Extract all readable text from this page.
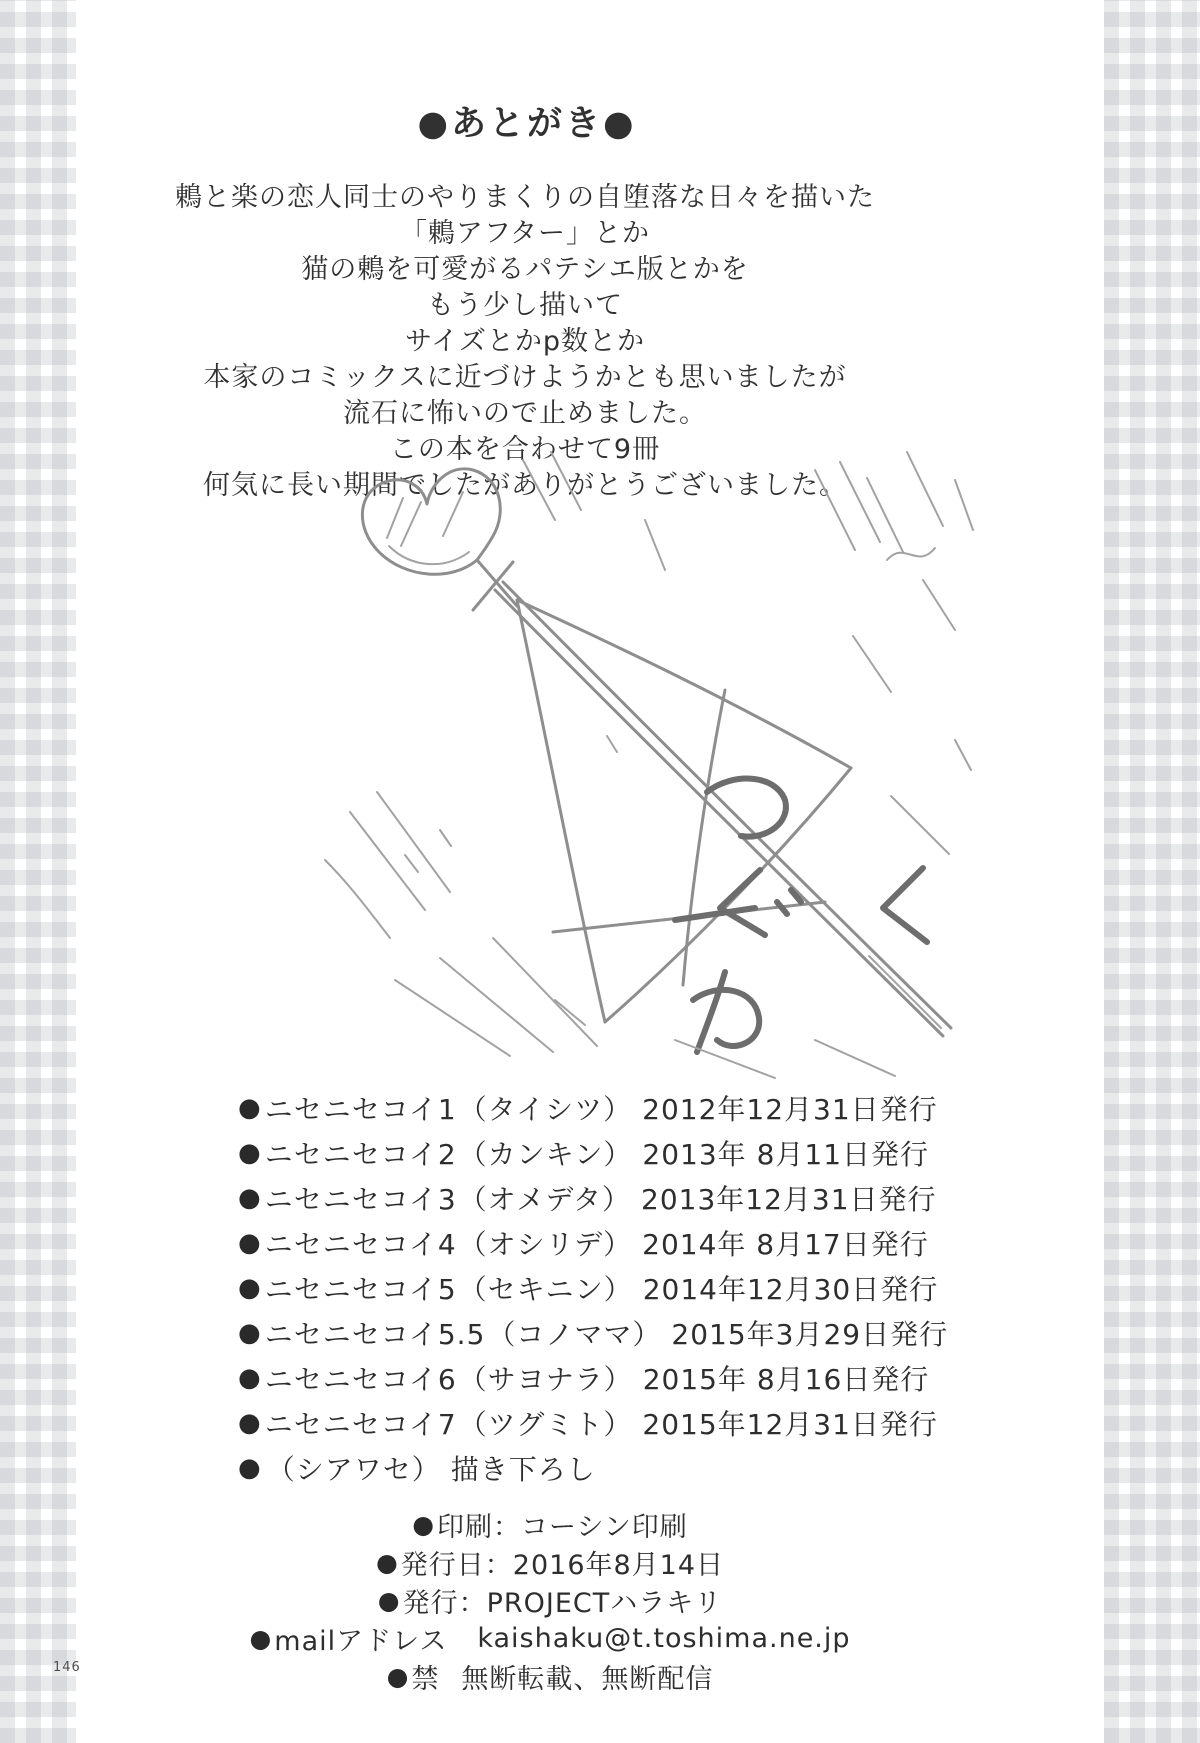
●あとがき●
鶇と楽の恋人同士のやりまくりの自堕落な日々を描いた
「鶇アフター」とか
猫の鶇を可愛がるパテシエ版とかを
もう少し描いて
サイズとかp数とか
本家のコミックスに近づけようかとも思いましたが
流石に怖いので止めました。
この本を合わせて9冊
何気に長い期間でしたがありがとうございました。
● ニセニセコイ1 （タイシツ） 2012年12月31日発行
● ニセニセコイ2 （カンキン） 2013年 8月11日発行
● ニセニセコイ3 （オメデタ） 2013年12月31日発行
● ニセニセコイ4 （オシリデ） 2014年 8月17日発行
● ニセニセコイ5 （セキニン） 2014年12月30日発行
● ニセニセコイ5.5 （コノママ） 2015年3月29日発行
● ニセニセコイ6 （サヨナラ） 2015年 8月16日発行
● ニセニセコイ7 （ツグミト） 2015年12月31日発行
● （シアワセ） 描き下ろし
● 印刷： コーシン印刷
● 発行日： 2016年8月14日
● 発行： PROJECTハラキリ
● mailアドレス kaishaku@t.toshima.ne.jp
● 禁 無断転載、無断配信
146
